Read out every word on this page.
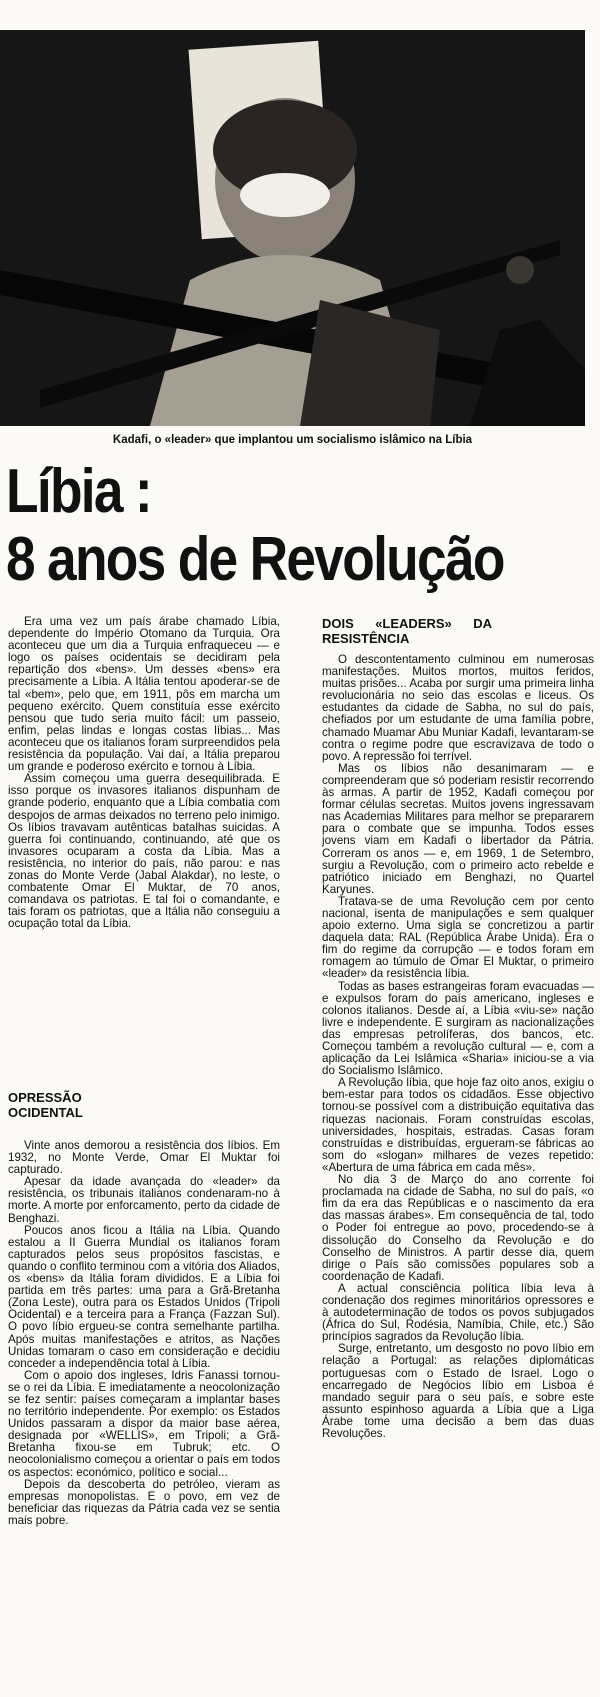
Kadafi, o «leader» que implantou um socialismo islâmico na Líbia
Líbia :
8 anos de Revolução

Era uma vez um país árabe chamado Líbia, dependente do Império Otomano da Turquia. Ora aconteceu que um dia a Turquia enfraqueceu — e logo os países ocidentais se decidiram pela repartição dos «bens». Um desses «bens» era precisamente a Líbia. A Itália tentou apoderar-se de tal «bem», pelo que, em 1911, pôs em marcha um pequeno exército. Quem constituía esse exército pensou que tudo seria muito fácil: um passeio, enfim, pelas lindas e longas costas líbias... Mas aconteceu que os italianos foram surpreendidos pela resistência da população. Vai daí, a Itália preparou um grande e poderoso exército e tornou à Líbia.

Assim começou uma guerra desequilibrada. E isso porque os invasores italianos dispunham de grande poderio, enquanto que a Líbia combatia com despojos de armas deixados no terreno pelo inimigo. Os líbios travavam autênticas batalhas suicidas. A guerra foi continuando, continuando, até que os invasores ocuparam a costa da Líbia. Mas a resistência, no interior do país, não parou: e nas zonas do Monte Verde (Jabal Alakdar), no leste, o combatente Omar El Muktar, de 70 anos, comandava os patriotas. E tal foi o comandante, e tais foram os patriotas, que a Itália não conseguiu a ocupação total da Líbia.

OPRESSÃO OCIDENTAL

Vinte anos demorou a resistência dos líbios. Em 1932, no Monte Verde, Omar El Muktar foi capturado.

Apesar da idade avançada do «leader» da resistência, os tribunais italianos condenaram-no à morte. A morte por enforcamento, perto da cidade de Benghazi.

Poucos anos ficou a Itália na Líbia. Quando estalou a II Guerra Mundial os italianos foram capturados pelos seus propósitos fascistas, e quando o conflito terminou com a vitória dos Aliados, os «bens» da Itália foram divididos. E a Líbia foi partida em três partes: uma para a Grã-Bretanha (Zona Leste), outra para os Estados Unidos (Tripoli Ocidental) e a terceira para a França (Fazzan Sul). O povo líbio ergueu-se contra semelhante partilha. Após muitas manifestações e atritos, as Nações Unidas tomaram o caso em consideração e decidiu conceder a independência total à Líbia.

Com o apoio dos ingleses, Idris Fanassi tornou-se o rei da Líbia. E imediatamente a neocolonização se fez sentir: países começaram a implantar bases no território independente. Por exemplo: os Estados Unidos passaram a dispor da maior base aérea, designada por «WELLIS», em Tripoli; a Grã-Bretanha fixou-se em Tubruk; etc. O neocolonialismo começou a orientar o país em todos os aspectos: económico, político e social...

Depois da descoberta do petróleo, vieram as empresas monopolistas. E o povo, em vez de beneficiar das riquezas da Pátria cada vez se sentia mais pobre.

DOIS «LEADERS» DA RESISTÊNCIA

O descontentamento culminou em numerosas manifestações. Muitos mortos, muitos feridos, muitas prisões... Acaba por surgir uma primeira linha revolucionária no seio das escolas e liceus. Os estudantes da cidade de Sabha, no sul do país, chefiados por um estudante de uma família pobre, chamado Muamar Abu Muniar Kadafi, levantaram-se contra o regime podre que escravizava de todo o povo. A repressão foi terrível.

Mas os líbios não desanimaram — e compreenderam que só poderiam resistir recorrendo às armas. A partir de 1952, Kadafi começou por formar células secretas. Muitos jovens ingressavam nas Academias Militares para melhor se prepararem para o combate que se impunha. Todos esses jovens viam em Kadafi o libertador da Pátria. Correram os anos — e, em 1969, 1 de Setembro, surgiu a Revolução, com o primeiro acto rebelde e patriótico iniciado em Benghazi, no Quartel Karyunes.

Tratava-se de uma Revolução cem por cento nacional, isenta de manipulações e sem qualquer apoio externo. Uma sigla se concretizou a partir daquela data: RAL (República Árabe Unida). Era o fim do regime da corrupção — e todos foram em romagem ao túmulo de Omar El Muktar, o primeiro «leader» da resistência líbia.

Todas as bases estrangeiras foram evacuadas — e expulsos foram do país americano, ingleses e colonos italianos. Desde aí, a Líbia «viu-se» nação livre e independente. E surgiram as nacionalizações das empresas petrolíferas, dos bancos, etc. Começou também a revolução cultural — e, com a aplicação da Lei Islâmica «Sharia» iniciou-se a via do Socialismo Islâmico.

A Revolução líbia, que hoje faz oito anos, exigiu o bem-estar para todos os cidadãos. Esse objectivo tornou-se possível com a distribuição equitativa das riquezas nacionais. Foram construídas escolas, universidades, hospitais, estradas. Casas foram construídas e distribuídas, ergueram-se fábricas ao som do «slogan» milhares de vezes repetido: «Abertura de uma fábrica em cada mês».

No dia 3 de Março do ano corrente foi proclamada na cidade de Sabha, no sul do país, «o fim da era das Repúblicas e o nascimento da era das massas árabes». Em consequência de tal, todo o Poder foi entregue ao povo, procedendo-se à dissolução do Conselho da Revolução e do Conselho de Ministros. A partir desse dia, quem dirige o País são comissões populares sob a coordenação de Kadafi.

A actual consciência política líbia leva à condenação dos regimes minoritários opressores e à autodeterminação de todos os povos subjugados (África do Sul, Rodésia, Namíbia, Chile, etc.) São princípios sagrados da Revolução líbia.

Surge, entretanto, um desgosto no povo líbio em relação a Portugal: as relações diplomáticas portuguesas com o Estado de Israel. Logo o encarregado de Negócios líbio em Lisboa é mandado seguir para o seu país, e sobre este assunto espinhoso aguarda a Líbia que a Liga Árabe tome uma decisão a bem das duas Revoluções.
